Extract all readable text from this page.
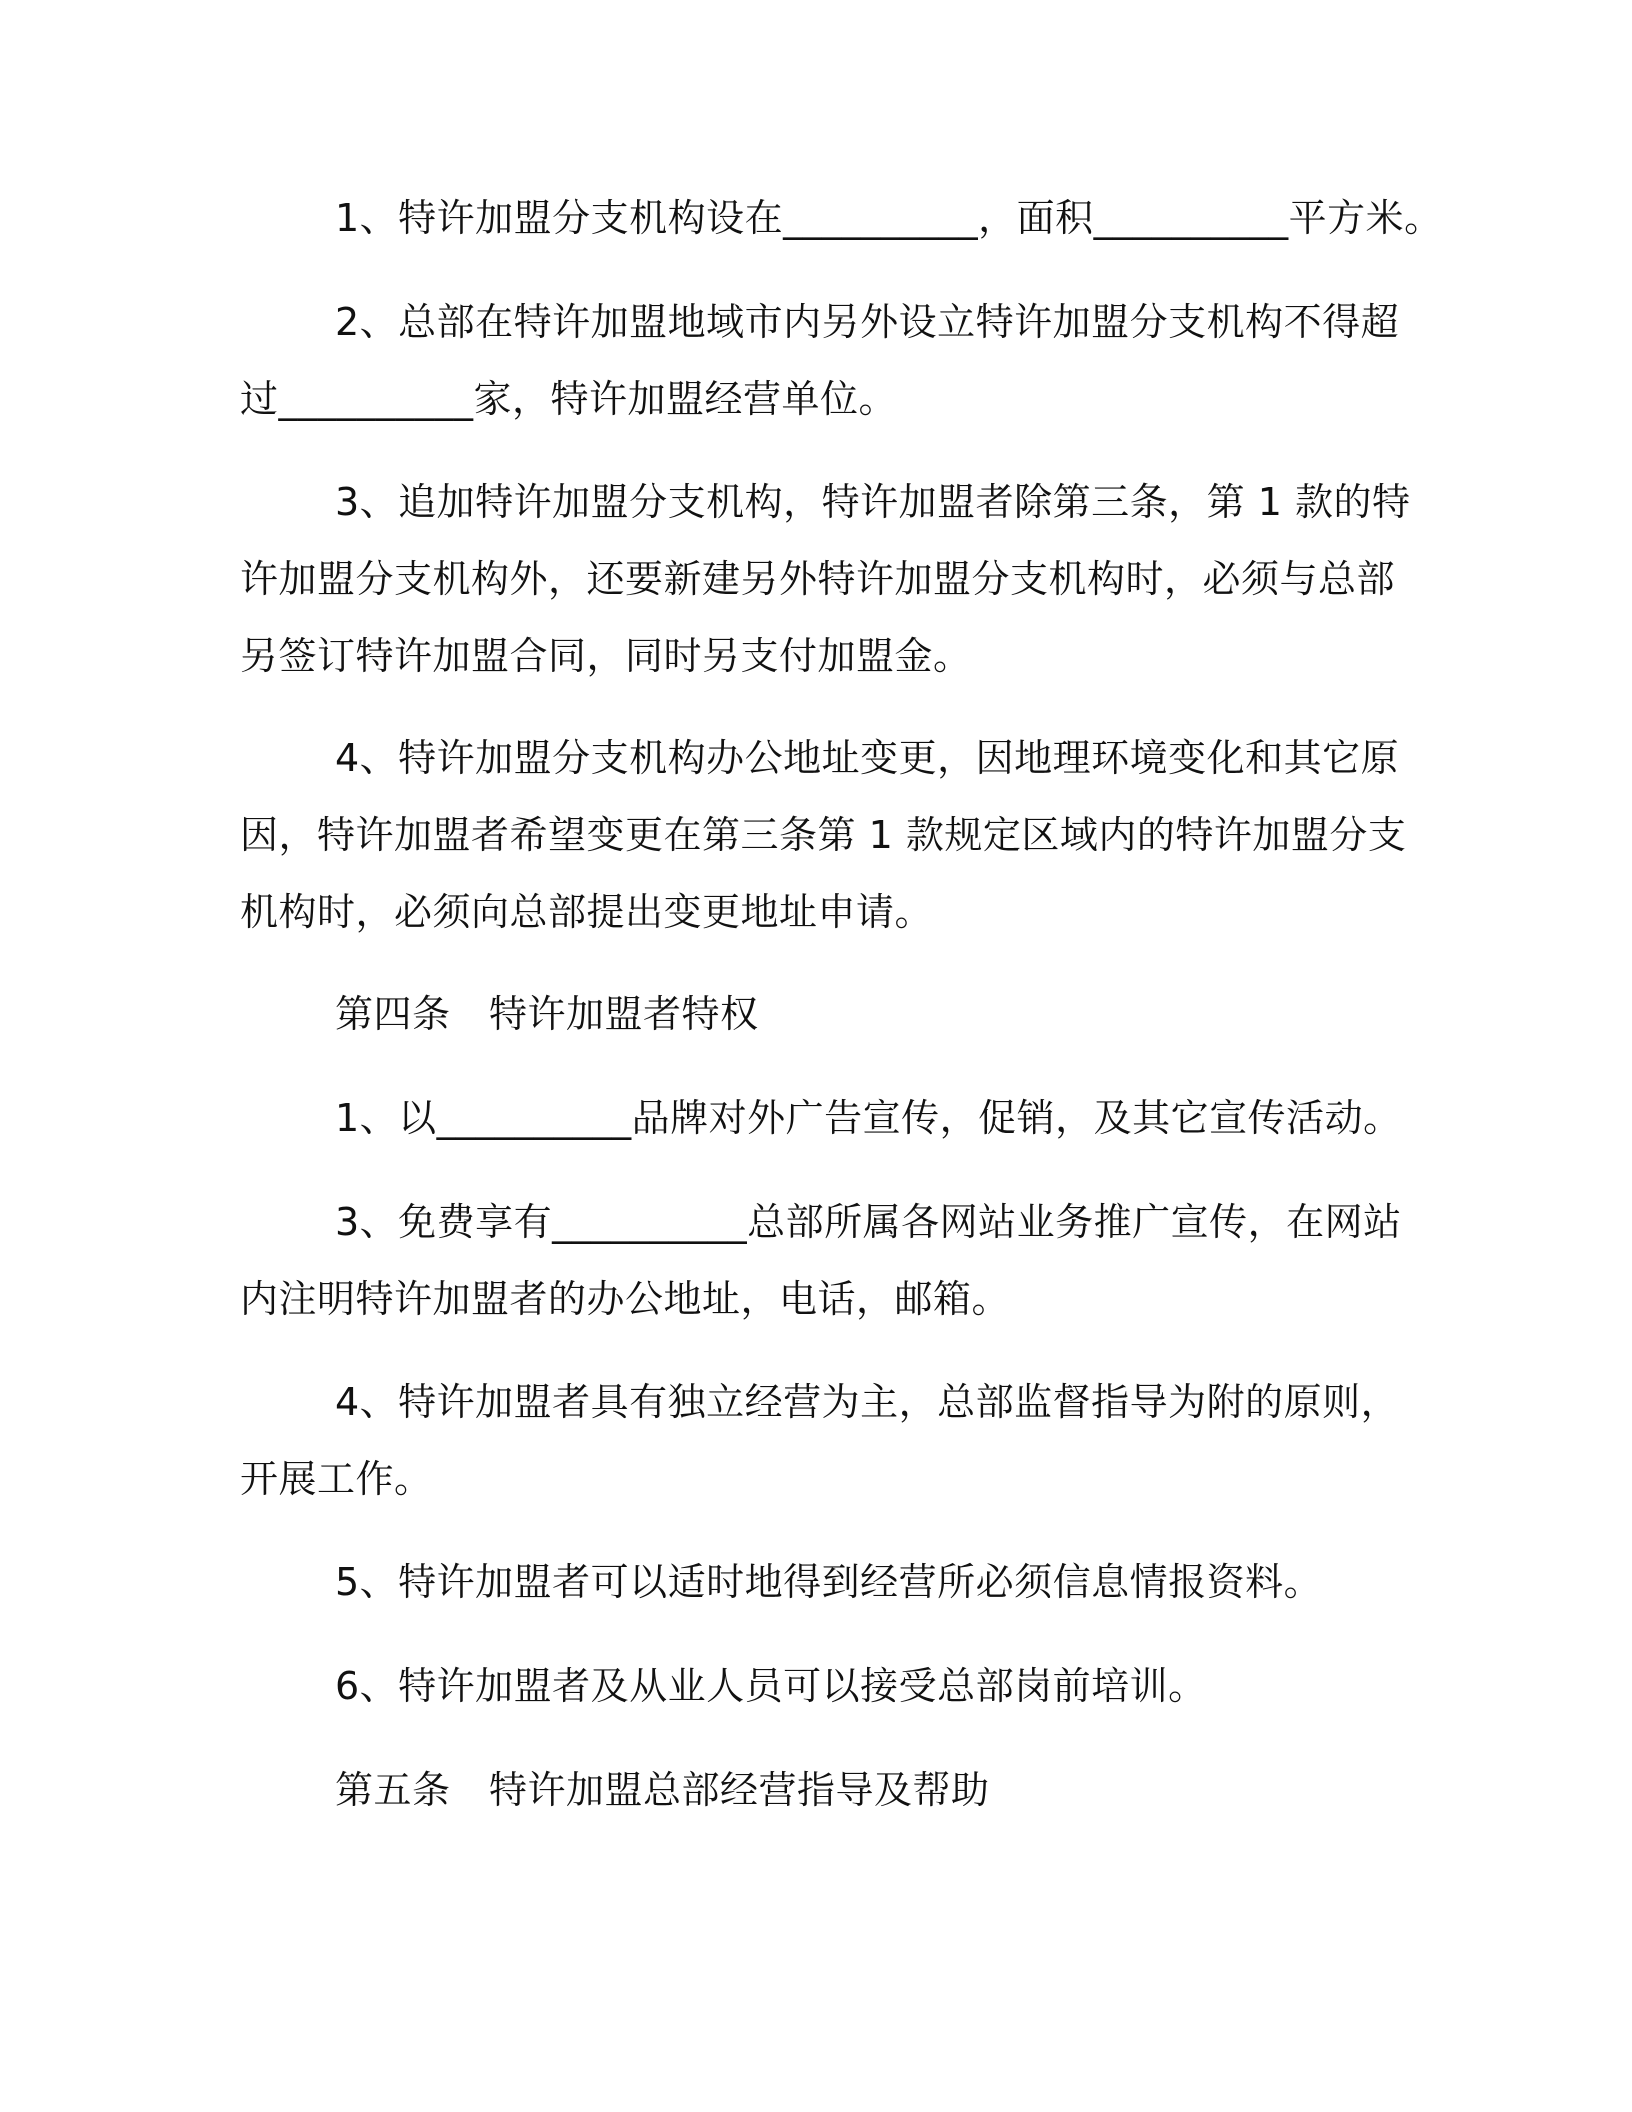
1、特许加盟分支机构设在__________，面积__________平方米。
2、总部在特许加盟地域市内另外设立特许加盟分支机构不得超
过__________家，特许加盟经营单位。
3、追加特许加盟分支机构，特许加盟者除第三条，第 1 款的特
许加盟分支机构外，还要新建另外特许加盟分支机构时，必须与总部
另签订特许加盟合同，同时另支付加盟金。
4、特许加盟分支机构办公地址变更，因地理环境变化和其它原
因，特许加盟者希望变更在第三条第 1 款规定区域内的特许加盟分支
机构时，必须向总部提出变更地址申请。
第四条　特许加盟者特权
1、以__________品牌对外广告宣传，促销，及其它宣传活动。
3、免费享有__________总部所属各网站业务推广宣传，在网站
内注明特许加盟者的办公地址，电话，邮箱。
4、特许加盟者具有独立经营为主，总部监督指导为附的原则，
开展工作。
5、特许加盟者可以适时地得到经营所必须信息情报资料。
6、特许加盟者及从业人员可以接受总部岗前培训。
第五条　特许加盟总部经营指导及帮助
